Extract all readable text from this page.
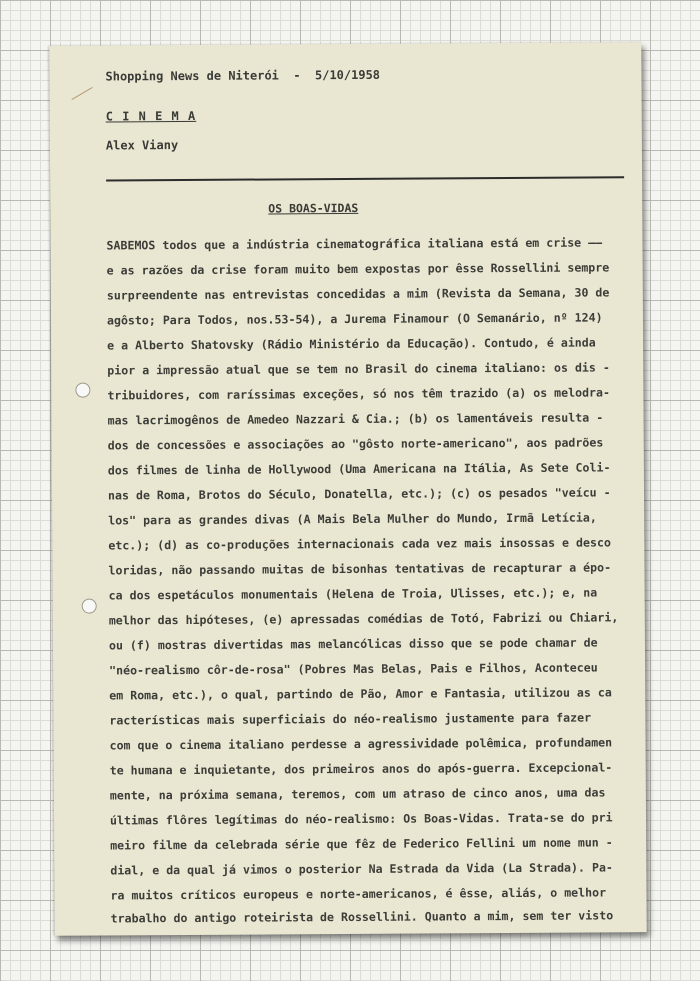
Shopping News de Niterói  -  5/10/1958
C I N E M A
Alex Viany
OS BOAS-VIDAS
SABEMOS todos que a indústria cinematográfica italiana está em crise ——
e as razões da crise foram muito bem expostas por êsse Rossellini sempre
surpreendente nas entrevistas concedidas a mim (Revista da Semana, 30 de
agôsto; Para Todos, nos.53-54), a Jurema Finamour (O Semanário, nº 124)
e a Alberto Shatovsky (Rádio Ministério da Educação). Contudo, é ainda
pior a impressão atual que se tem no Brasil do cinema italiano: os dis -
tribuidores, com raríssimas exceções, só nos têm trazido (a) os melodra-
mas lacrimogênos de Amedeo Nazzari & Cia.; (b) os lamentáveis resulta -
dos de concessões e associações ao "gôsto norte-americano", aos padrões
dos filmes de linha de Hollywood (Uma Americana na Itália, As Sete Coli-
nas de Roma, Brotos do Século, Donatella, etc.); (c) os pesados "veícu -
los" para as grandes divas (A Mais Bela Mulher do Mundo, Irmã Letícia,
etc.); (d) as co-produções internacionais cada vez mais insossas e desco
loridas, não passando muitas de bisonhas tentativas de recapturar a épo-
ca dos espetáculos monumentais (Helena de Troia, Ulisses, etc.); e, na
melhor das hipóteses, (e) apressadas comédias de Totó, Fabrizi ou Chiari,
ou (f) mostras divertidas mas melancólicas disso que se pode chamar de
"néo-realismo côr-de-rosa" (Pobres Mas Belas, Pais e Filhos, Aconteceu
em Roma, etc.), o qual, partindo de Pão, Amor e Fantasia, utilizou as ca
racterísticas mais superficiais do néo-realismo justamente para fazer
com que o cinema italiano perdesse a agressividade polêmica, profundamen
te humana e inquietante, dos primeiros anos do após-guerra. Excepcional-
mente, na próxima semana, teremos, com um atraso de cinco anos, uma das
últimas flôres legítimas do néo-realismo: Os Boas-Vidas. Trata-se do pri
meiro filme da celebrada série que fêz de Federico Fellini um nome mun -
dial, e da qual já vimos o posterior Na Estrada da Vida (La Strada). Pa-
ra muitos críticos europeus e norte-americanos, é êsse, aliás, o melhor
trabalho do antigo roteirista de Rossellini. Quanto a mim, sem ter visto
